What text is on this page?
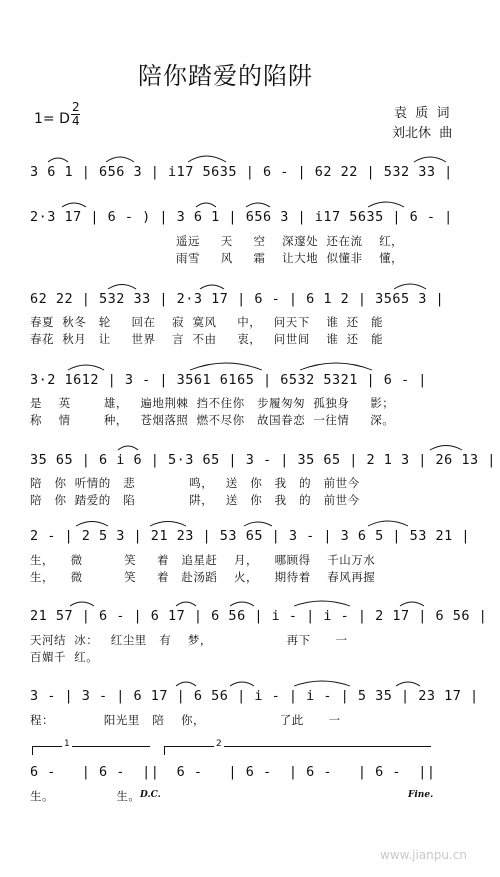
陪你踏爱的陷阱
1= D
2
4	袁  质  词
刘北休  曲
3 6 1 | 656 3 | i17 5635 | 6 - | 62 22 | 532 33 |
2·3 17 | 6 - ) | 3 6 1 | 656 3 | i17 5635 | 6 - |
遥远     天     空    深邃处  还在流    红，
雨雪     风     霜    让大地  似懂非    懂，
62 22 | 532 33 | 2·3 17 | 6 - | 6 1 2 | 3565 3 |
春夏  秋冬   轮     回在    寂  寞风     中，   问天下    谁  还   能
春花  秋月   让     世界    言  不由     衷，   问世间    谁  还   能
3·2 1612 | 3 - | 3561 6165 | 6532 5321 | 6 - |
是    英        雄，   遍地荆棘  挡不住你   步履匆匆  孤独身     影；
称    情        种，   苍烟落照  燃不尽你   故国眷恋  一往情     深。
35 65 | 6 i 6 | 5·3 65 | 3 - | 35 65 | 2 1 3 | 26 13 |
陪   你  听情的   悲             鸣，   送   你   我   的   前世今
陪   你  踏爱的   陷             阱，   送   你   我   的   前世今
2 - | 2 5 3 | 21 23 | 53 65 | 3 - | 3 6 5 | 53 21 |
生，    微          笑     着   追星赶    月，    哪顾得    千山万水
生，    微          笑     着   赴汤蹈    火，    期待着    春风再握
21 57 | 6 - | 6 17 | 6 56 | i - | i - | 2 17 | 6 56 |
天河结  冰：   红尘里   有    梦，                  再下      一
百媚千  红。
3 - | 3 - | 6 17 | 6 56 | i - | i - | 5 35 | 23 17 |
程：            阳光里   陪    你，                  了此      一
1	2
6 -   | 6 -  ||  6 -   | 6 -  | 6 -   | 6 -  ||
生。               生。 D.C.	Fine.
www.jianpu.cn
